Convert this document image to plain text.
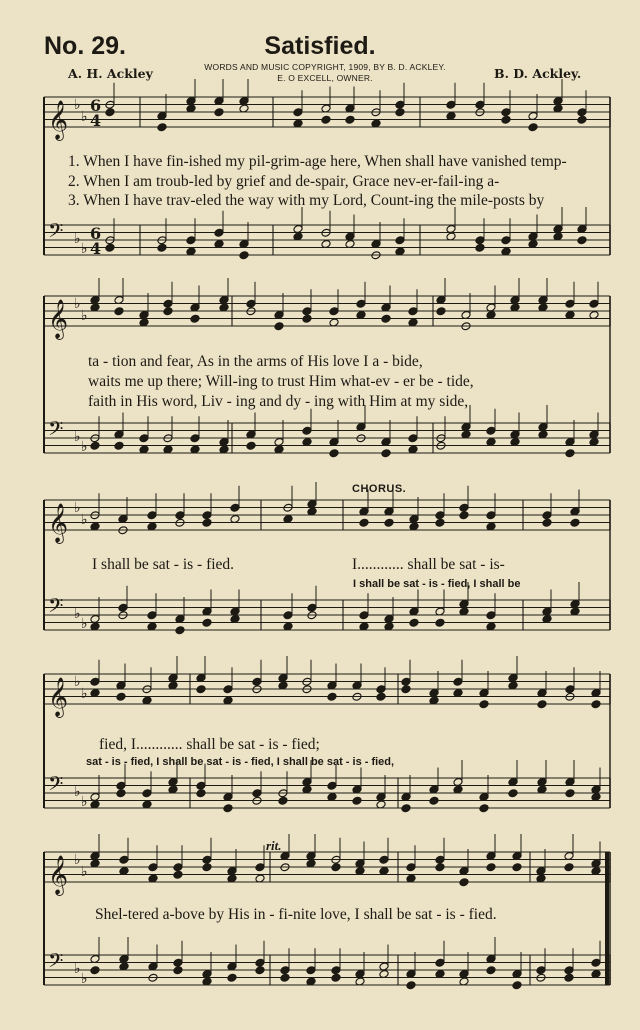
No. 29.	Satisfied.
WORDS AND MUSIC COPYRIGHT, 1909, BY B. D. ACKLEY.
E. O EXCELL, OWNER.
A. H. Ackley	B. D. Ackley.
𝄞 ♭
♭
6
4
𝄢 ♭
♭
6
4
𝄞 ♭
♭
𝄢 ♭
♭
𝄞 ♭
♭
𝄢 ♭
♭
𝄞 ♭
♭
𝄢 ♭
♭
𝄞 ♭
♭
𝄢 ♭
♭
1. When I have fin-ished my pil-grim-age here, When shall have vanished temp-
2. When I am troub-led by grief and de-spair, Grace nev-er-fail-ing a-
3. When I have trav-eled the way with my Lord, Count-ing the mile-posts by
ta - tion and fear, As in the arms of His love I a - bide,
waits me up there; Will-ing to trust Him what-ev - er be - tide,
faith in His word, Liv - ing and dy - ing with Him at my side,
CHORUS.
I shall be sat - is - fied.	I............ shall be sat - is-
I shall be sat - is - fied, I shall be
fied, I............ shall be sat - is - fied;
sat - is - fied, I shall be sat - is - fied, I shall be sat - is - fied,
rit.
Shel-tered a-bove by His in - fi-nite love, I shall be sat - is - fied.
